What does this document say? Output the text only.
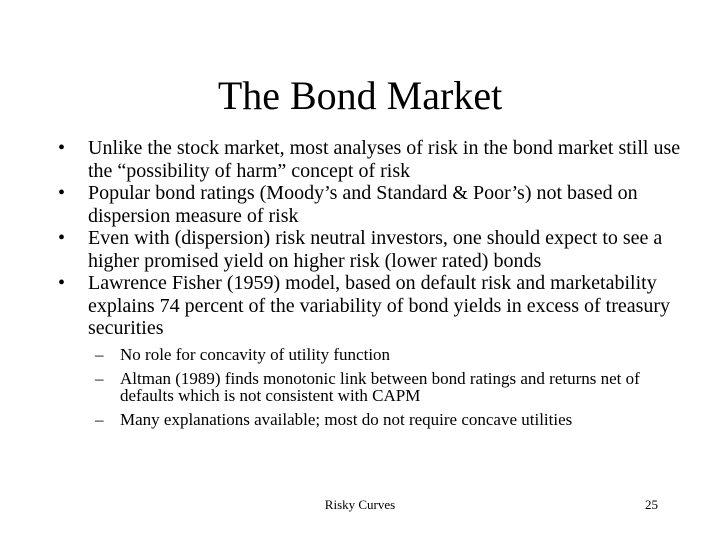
The Bond Market
• Unlike the stock market, most analyses of risk in the bond market still use the “possibility of harm” concept of risk
• Popular bond ratings (Moody’s and Standard & Poor’s) not based on dispersion measure of risk
• Even with (dispersion) risk neutral investors, one should expect to see a higher promised yield on higher risk (lower rated) bonds
• Lawrence Fisher (1959) model, based on default risk and marketability explains 74 percent of the variability of bond yields in excess of treasury securities
– No role for concavity of utility function
– Altman (1989) finds monotonic link between bond ratings and returns net of defaults which is not consistent with CAPM
– Many explanations available; most do not require concave utilities
Risky Curves	25
